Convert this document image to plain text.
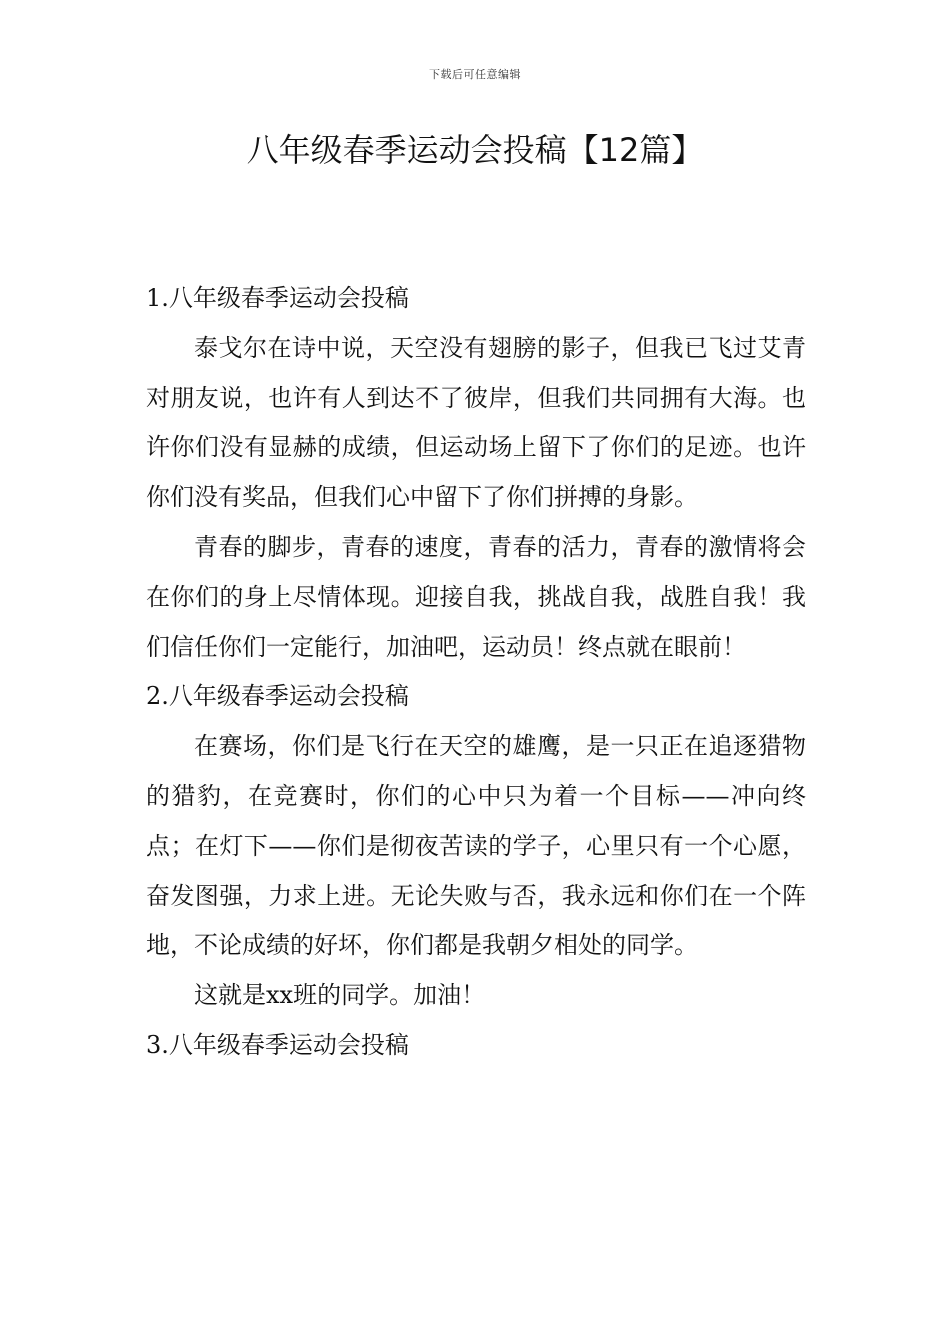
下载后可任意编辑
八年级春季运动会投稿【12篇】
1.八年级春季运动会投稿

泰戈尔在诗中说，天空没有翅膀的影子，但我已飞过艾青对朋友说，也许有人到达不了彼岸，但我们共同拥有大海。也许你们没有显赫的成绩，但运动场上留下了你们的足迹。也许你们没有奖品，但我们心中留下了你们拼搏的身影。

青春的脚步，青春的速度，青春的活力，青春的激情将会在你们的身上尽情体现。迎接自我，挑战自我，战胜自我！我们信任你们一定能行，加油吧，运动员！终点就在眼前！

2.八年级春季运动会投稿

在赛场，你们是飞行在天空的雄鹰，是一只正在追逐猎物的猎豹，在竞赛时，你们的心中只为着一个目标——冲向终点；在灯下——你们是彻夜苦读的学子，心里只有一个心愿，奋发图强，力求上进。无论失败与否，我永远和你们在一个阵地，不论成绩的好坏，你们都是我朝夕相处的同学。

这就是xx班的同学。加油！

3.八年级春季运动会投稿
